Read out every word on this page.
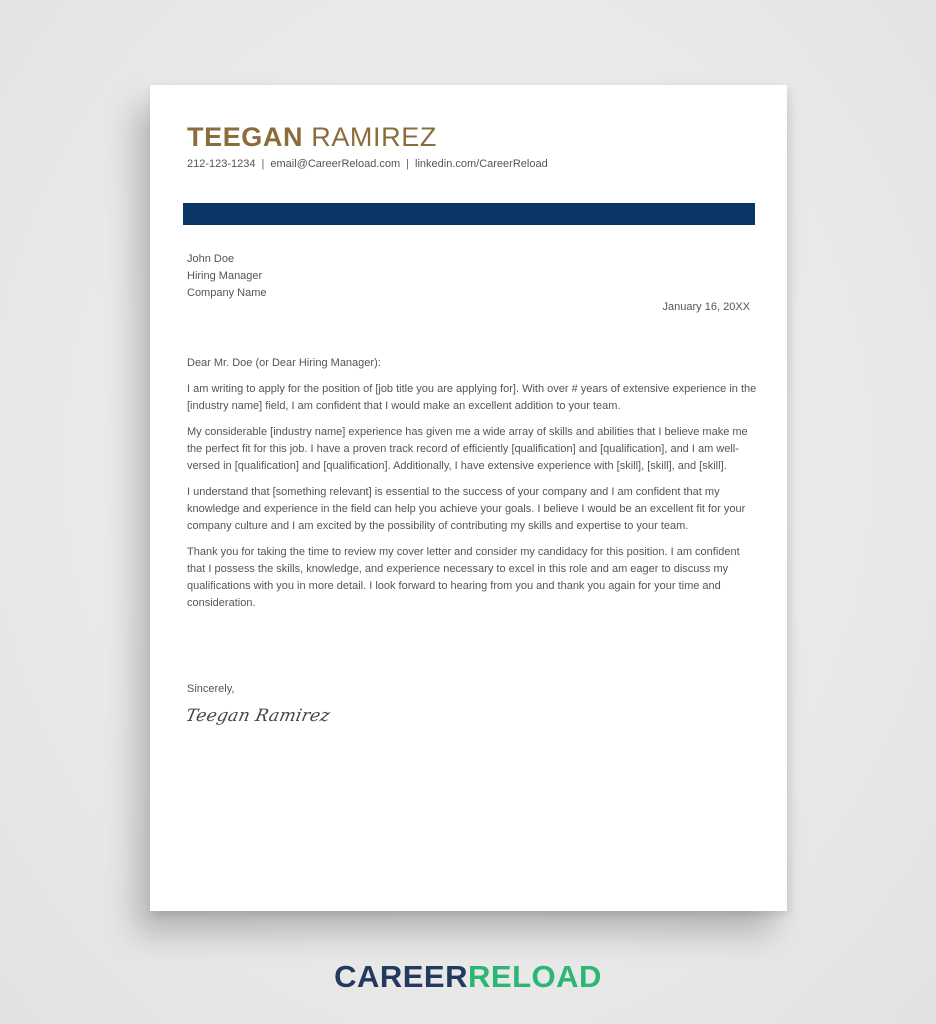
TEEGAN RAMIREZ
212-123-1234 | email@CareerReload.com | linkedin.com/CareerReload
John Doe
Hiring Manager
Company Name
January 16, 20XX

Dear Mr. Doe (or Dear Hiring Manager):

I am writing to apply for the position of [job title you are applying for]. With over # years of extensive experience in the [industry name] field, I am confident that I would make an excellent addition to your team.

My considerable [industry name] experience has given me a wide array of skills and abilities that I believe make me the perfect fit for this job. I have a proven track record of efficiently [qualification] and [qualification], and I am well-versed in [qualification] and [qualification]. Additionally, I have extensive experience with [skill], [skill], and [skill].

I understand that [something relevant] is essential to the success of your company and I am confident that my knowledge and experience in the field can help you achieve your goals. I believe I would be an excellent fit for your company culture and I am excited by the possibility of contributing my skills and expertise to your team.

Thank you for taking the time to review my cover letter and consider my candidacy for this position. I am confident that I possess the skills, knowledge, and experience necessary to excel in this role and am eager to discuss my qualifications with you in more detail. I look forward to hearing from you and thank you again for your time and consideration.

Sincerely,
Teegan Ramirez
CAREERRELOAD
